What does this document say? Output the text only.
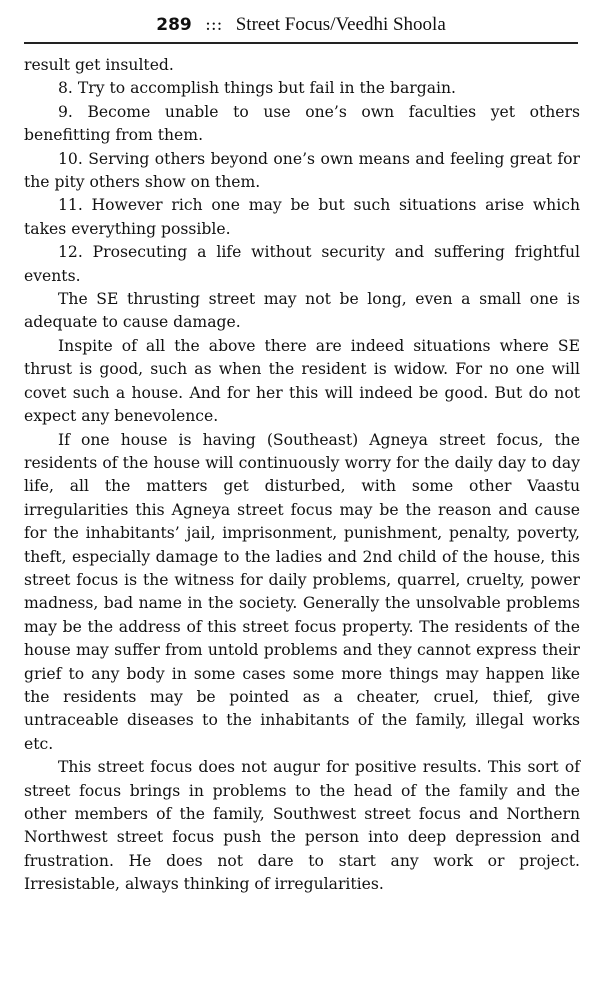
289 ::: Street Focus/Veedhi Shoola

result get insulted.

8. Try to accomplish things but fail in the bargain.

9. Become unable to use one’s own faculties yet others benefitting from them.

10. Serving others beyond one’s own means and feeling great for the pity others show on them.

11. However rich one may be but such situations arise which takes everything possible.

12. Prosecuting a life without security and suffering frightful events.

The SE thrusting street may not be long, even a small one is adequate to cause damage.

Inspite of all the above there are indeed situations where SE thrust is good, such as when the resident is widow. For no one will covet such a house. And for her this will indeed be good. But do not expect any benevolence.

If one house is having (Southeast) Agneya street focus, the residents of the house will continuously worry for the daily day to day life, all the matters get disturbed, with some other Vaastu irregularities this Agneya street focus may be the reason and cause for the inhabitants’ jail, imprisonment, punishment, penalty, poverty, theft, especially damage to the ladies and 2nd child of the house, this street focus is the witness for daily problems, quarrel, cruelty, power madness, bad name in the society. Generally the unsolvable problems may be the address of this street focus property. The residents of the house may suffer from untold problems and they cannot express their grief to any body in some cases some more things may happen like the residents may be pointed as a cheater, cruel, thief, give untraceable diseases to the inhabitants of the family, illegal works etc.

This street focus does not augur for positive results. This sort of street focus brings in problems to the head of the family and the other members of the family, Southwest street focus and Northern Northwest street focus push the person into deep depression and frustration. He does not dare to start any work or project. Irresistable, always thinking of irregularities.
